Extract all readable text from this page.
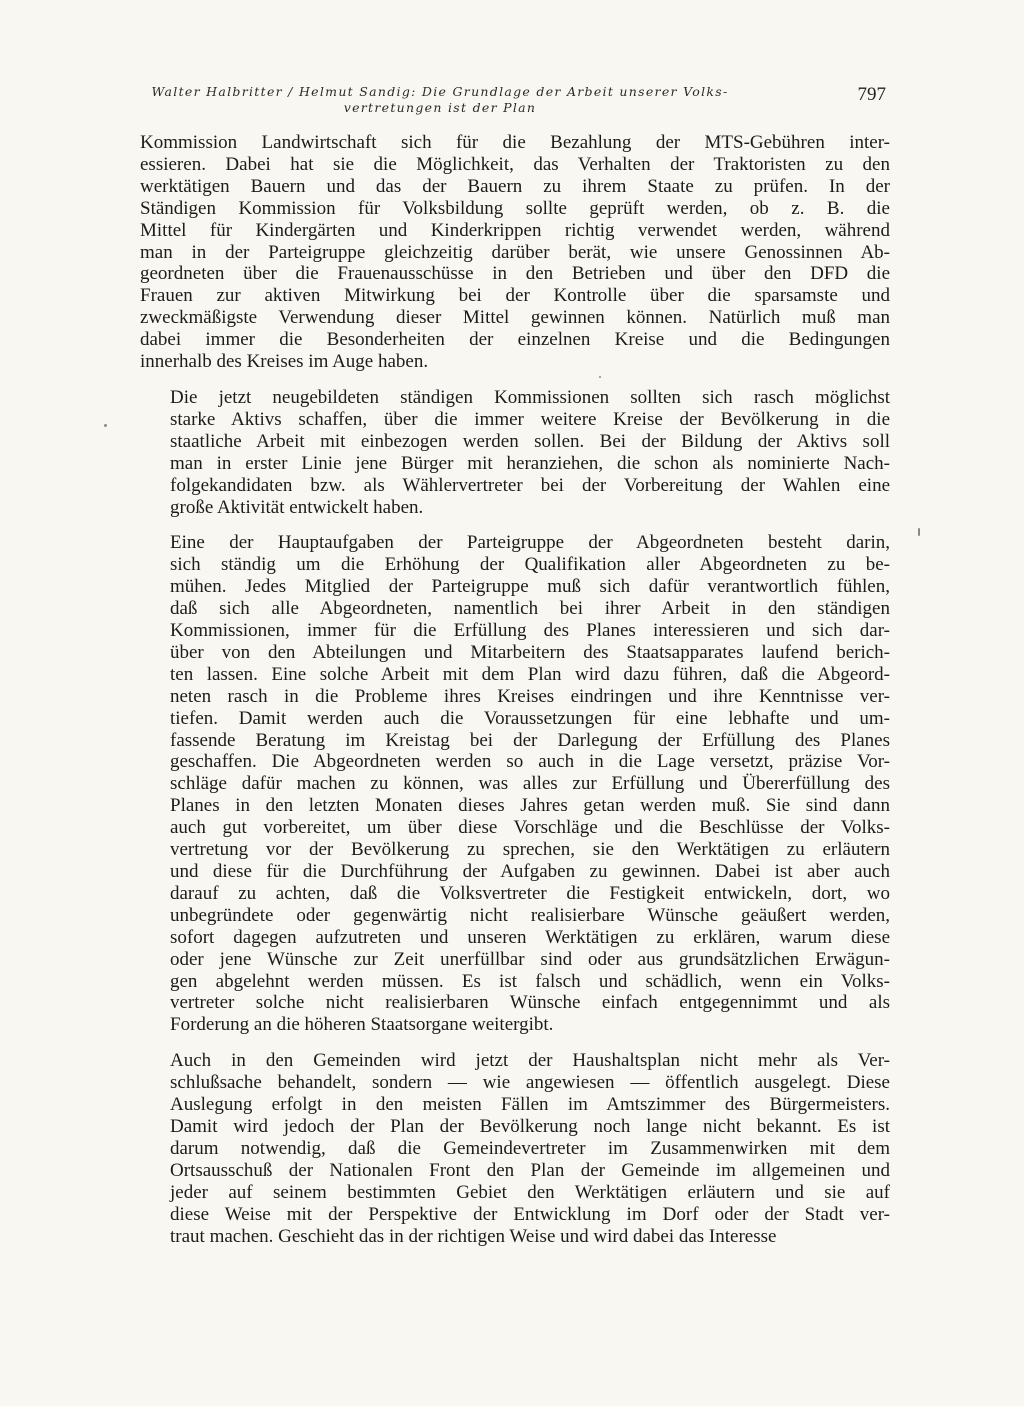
Walter Halbritter / Helmut Sandig: Die Grundlage der Arbeit unserer Volks-
vertretungen ist der Plan
797

Kommission Landwirtschaft sich für die Bezahlung der MTS-Gebühren inter-
essieren. Dabei hat sie die Möglichkeit, das Verhalten der Traktoristen zu den
werktätigen Bauern und das der Bauern zu ihrem Staate zu prüfen. In der
Ständigen Kommission für Volksbildung sollte geprüft werden, ob z. B. die
Mittel für Kindergärten und Kinderkrippen richtig verwendet werden, während
man in der Parteigruppe gleichzeitig darüber berät, wie unsere Genossinnen Ab-
geordneten über die Frauenausschüsse in den Betrieben und über den DFD die
Frauen zur aktiven Mitwirkung bei der Kontrolle über die sparsamste und
zweckmäßigste Verwendung dieser Mittel gewinnen können. Natürlich muß man
dabei immer die Besonderheiten der einzelnen Kreise und die Bedingungen
innerhalb des Kreises im Auge haben.

Die jetzt neugebildeten ständigen Kommissionen sollten sich rasch möglichst
starke Aktivs schaffen, über die immer weitere Kreise der Bevölkerung in die
staatliche Arbeit mit einbezogen werden sollen. Bei der Bildung der Aktivs soll
man in erster Linie jene Bürger mit heranziehen, die schon als nominierte Nach-
folgekandidaten bzw. als Wählervertreter bei der Vorbereitung der Wahlen eine
große Aktivität entwickelt haben.

Eine der Hauptaufgaben der Parteigruppe der Abgeordneten besteht darin,
sich ständig um die Erhöhung der Qualifikation aller Abgeordneten zu be-
mühen. Jedes Mitglied der Parteigruppe muß sich dafür verantwortlich fühlen,
daß sich alle Abgeordneten, namentlich bei ihrer Arbeit in den ständigen
Kommissionen, immer für die Erfüllung des Planes interessieren und sich dar-
über von den Abteilungen und Mitarbeitern des Staatsapparates laufend berich-
ten lassen. Eine solche Arbeit mit dem Plan wird dazu führen, daß die Abgeord-
neten rasch in die Probleme ihres Kreises eindringen und ihre Kenntnisse ver-
tiefen. Damit werden auch die Voraussetzungen für eine lebhafte und um-
fassende Beratung im Kreistag bei der Darlegung der Erfüllung des Planes
geschaffen. Die Abgeordneten werden so auch in die Lage versetzt, präzise Vor-
schläge dafür machen zu können, was alles zur Erfüllung und Übererfüllung des
Planes in den letzten Monaten dieses Jahres getan werden muß. Sie sind dann
auch gut vorbereitet, um über diese Vorschläge und die Beschlüsse der Volks-
vertretung vor der Bevölkerung zu sprechen, sie den Werktätigen zu erläutern
und diese für die Durchführung der Aufgaben zu gewinnen. Dabei ist aber auch
darauf zu achten, daß die Volksvertreter die Festigkeit entwickeln, dort, wo
unbegründete oder gegenwärtig nicht realisierbare Wünsche geäußert werden,
sofort dagegen aufzutreten und unseren Werktätigen zu erklären, warum diese
oder jene Wünsche zur Zeit unerfüllbar sind oder aus grundsätzlichen Erwägun-
gen abgelehnt werden müssen. Es ist falsch und schädlich, wenn ein Volks-
vertreter solche nicht realisierbaren Wünsche einfach entgegennimmt und als
Forderung an die höheren Staatsorgane weitergibt.

Auch in den Gemeinden wird jetzt der Haushaltsplan nicht mehr als Ver-
schlußsache behandelt, sondern — wie angewiesen — öffentlich ausgelegt. Diese
Auslegung erfolgt in den meisten Fällen im Amtszimmer des Bürgermeisters.
Damit wird jedoch der Plan der Bevölkerung noch lange nicht bekannt. Es ist
darum notwendig, daß die Gemeindevertreter im Zusammenwirken mit dem
Ortsausschuß der Nationalen Front den Plan der Gemeinde im allgemeinen und
jeder auf seinem bestimmten Gebiet den Werktätigen erläutern und sie auf
diese Weise mit der Perspektive der Entwicklung im Dorf oder der Stadt ver-
traut machen. Geschieht das in der richtigen Weise und wird dabei das Interesse
